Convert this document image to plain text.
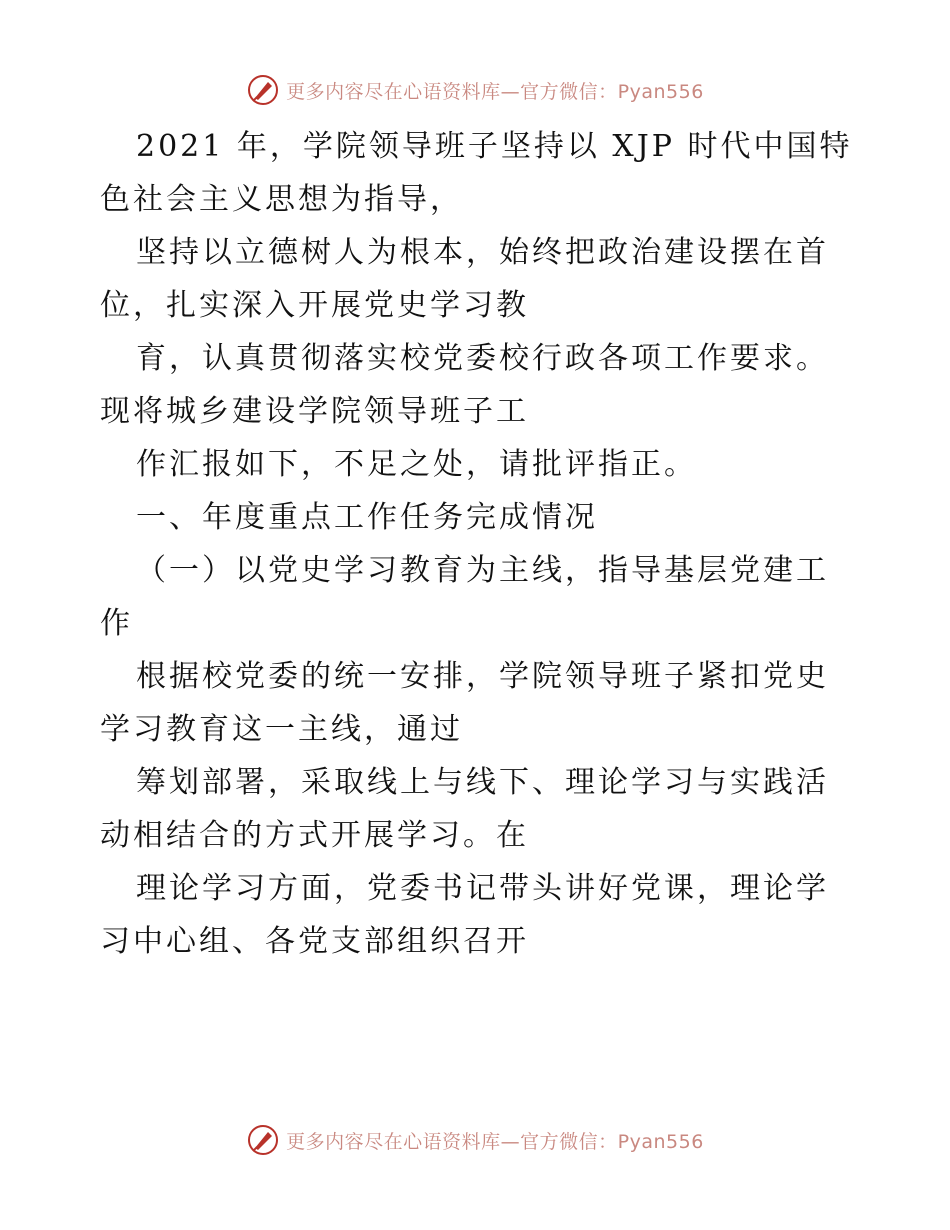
更多内容尽在心语资料库—官方微信：Pyan556

2021 年，学院领导班子坚持以 XJP 时代中国特色社会主义思想为指导，

坚持以立德树人为根本，始终把政治建设摆在首位，扎实深入开展党史学习教

育，认真贯彻落实校党委校行政各项工作要求。现将城乡建设学院领导班子工

作汇报如下，不足之处，请批评指正。

一、年度重点工作任务完成情况

（一）以党史学习教育为主线，指导基层党建工作

根据校党委的统一安排，学院领导班子紧扣党史学习教育这一主线，通过

筹划部署，采取线上与线下、理论学习与实践活动相结合的方式开展学习。在

理论学习方面，党委书记带头讲好党课，理论学习中心组、各党支部组织召开

更多内容尽在心语资料库—官方微信：Pyan556
